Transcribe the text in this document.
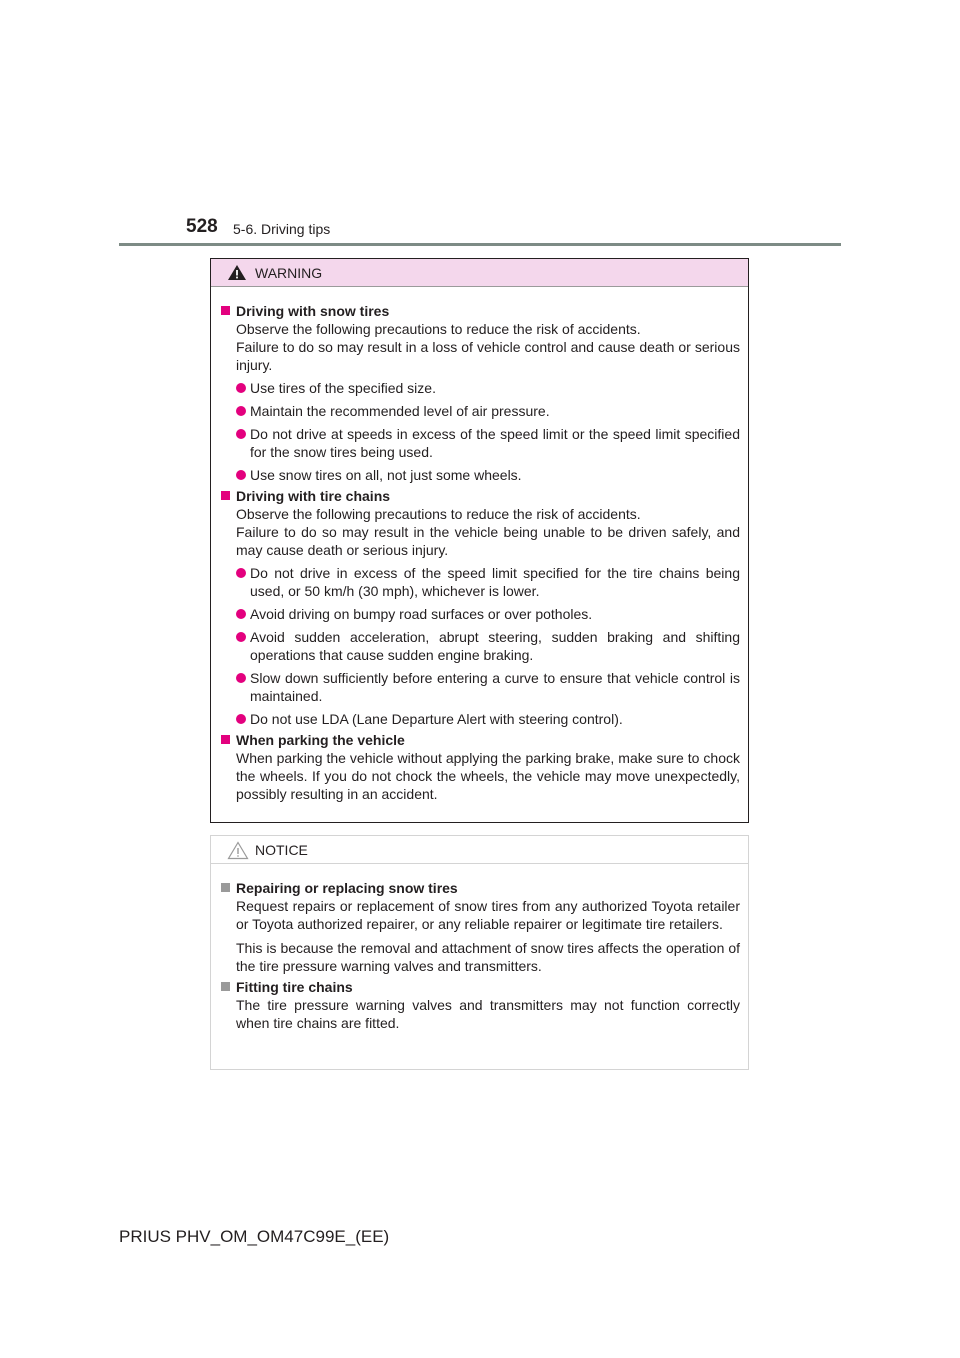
528 5-6. Driving tips
WARNING
Driving with snow tires
Observe the following precautions to reduce the risk of accidents.
Failure to do so may result in a loss of vehicle control and cause death or serious injury.
Use tires of the specified size.
Maintain the recommended level of air pressure.
Do not drive at speeds in excess of the speed limit or the speed limit specified for the snow tires being used.
Use snow tires on all, not just some wheels.
Driving with tire chains
Observe the following precautions to reduce the risk of accidents.
Failure to do so may result in the vehicle being unable to be driven safely, and may cause death or serious injury.
Do not drive in excess of the speed limit specified for the tire chains being used, or 50 km/h (30 mph), whichever is lower.
Avoid driving on bumpy road surfaces or over potholes.
Avoid sudden acceleration, abrupt steering, sudden braking and shifting operations that cause sudden engine braking.
Slow down sufficiently before entering a curve to ensure that vehicle control is maintained.
Do not use LDA (Lane Departure Alert with steering control).
When parking the vehicle
When parking the vehicle without applying the parking brake, make sure to chock the wheels. If you do not chock the wheels, the vehicle may move unexpectedly, possibly resulting in an accident.
NOTICE
Repairing or replacing snow tires
Request repairs or replacement of snow tires from any authorized Toyota retailer or Toyota authorized repairer, or any reliable repairer or legitimate tire retailers.
This is because the removal and attachment of snow tires affects the operation of the tire pressure warning valves and transmitters.
Fitting tire chains
The tire pressure warning valves and transmitters may not function correctly when tire chains are fitted.
PRIUS PHV_OM_OM47C99E_(EE)
